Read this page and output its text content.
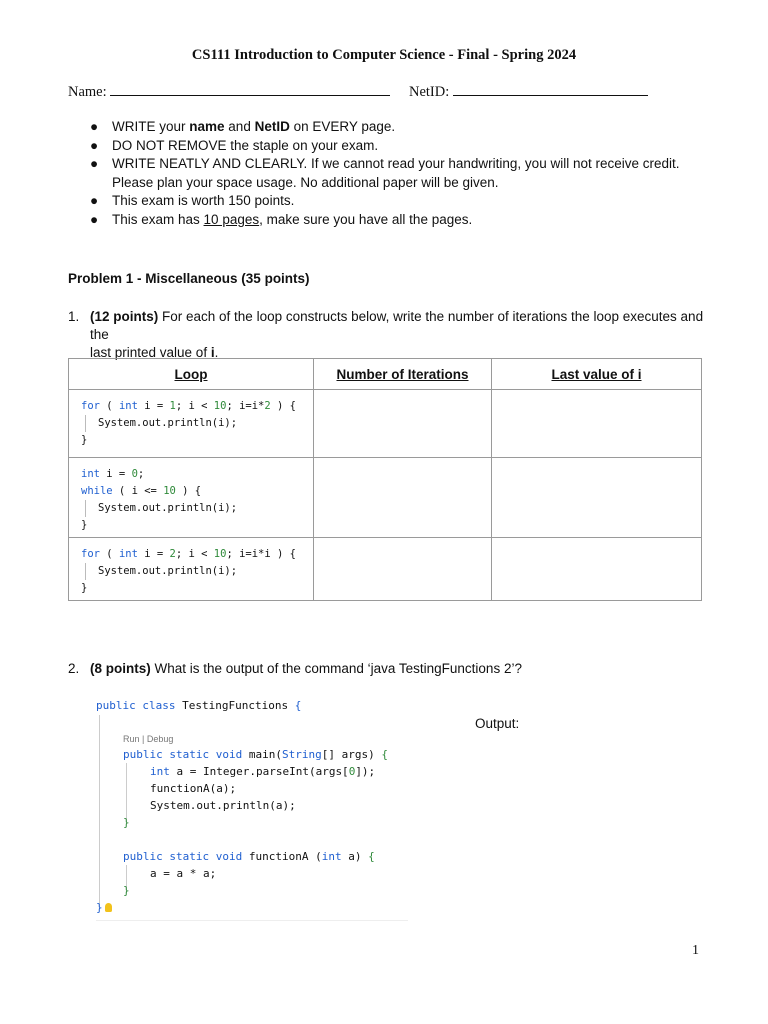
CS111 Introduction to Computer Science - Final - Spring 2024
Name:	NetID:
● WRITE your name and NetID on EVERY page.
● DO NOT REMOVE the staple on your exam.
● WRITE NEATLY AND CLEARLY. If we cannot read your handwriting, you will not receive credit.
Please plan your space usage. No additional paper will be given.
● This exam is worth 150 points.
● This exam has 10 pages, make sure you have all the pages.
Problem 1 - Miscellaneous (35 points)
1. (12 points) For each of the loop constructs below, write the number of iterations the loop executes and the
last printed value of i.
Loop	Number of Iterations	Last value of i

for ( int i = 1; i < 10; i=i*2 ) {
System.out.println(i);
}		

int i = 0;
while ( i <= 10 ) {
System.out.println(i);
}		

for ( int i = 2; i < 10; i=i*i ) {
System.out.println(i);
}		

2. (8 points) What is the output of the command ‘java TestingFunctions 2’?
public class TestingFunctions {
Run | Debug
public static void main(String[] args) {
int a = Integer.parseInt(args[0]);
functionA(a);
System.out.println(a);
}
public static void functionA (int a) {
a = a * a;
}
}
Output:
1
